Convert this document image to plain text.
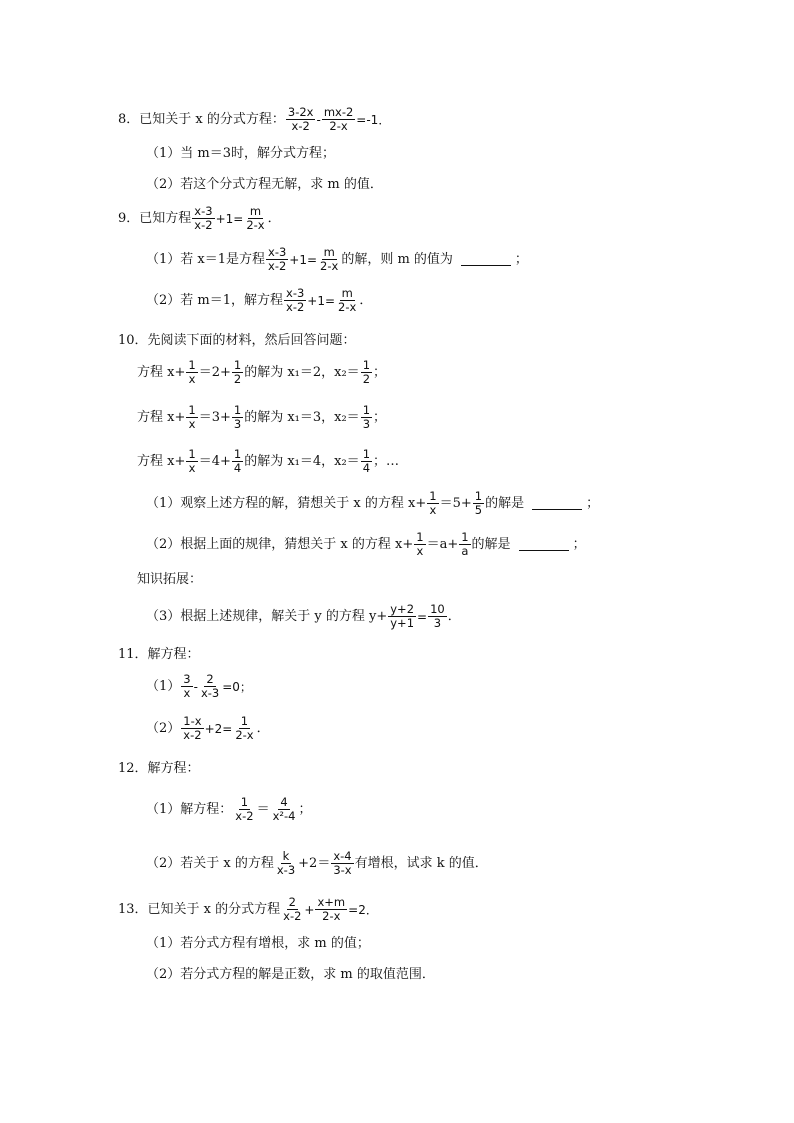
8．已知关于 x 的分式方程： 3-2x
$x-2 - \frac{mx-2}{2-x} =-1$．
（1）当 m＝3时，解分式方程；
（2）若这个分式方程无解，求 m 的值．
9．已知方程 x-3
$x-2 +1= \frac{m}{2-x}$ ．
（1）若 x＝1是方程 x-3
$x-2 +1= \frac{m}{2-x}$ 的解，则 m 的值为	；
（2）若 m＝1，解方程 x-3
$x-2 +1= \frac{m}{2-x}$ ．
10．先阅读下面的材料，然后回答问题：
方程 $x+ \frac{1}{x} =2+ \frac{1}{2}$ 的解为 x₁＝2，x₂＝ 1
2 ；
方程 $x+ \frac{1}{x} =3+ \frac{1}{3}$ 的解为 x₁＝3，x₂＝ 1
3 ；
方程 $x+ \frac{1}{x} =4+ \frac{1}{4}$ 的解为 x₁＝4，x₂＝ 1
4 ；…
（1）观察上述方程的解，猜想关于 x 的方程 $x+ \frac{1}{x} =5+ \frac{1}{5}$ 的解是	；
（2）根据上面的规律，猜想关于 x 的方程 $x+ \frac{1}{x} =a+ \frac{1}{a}$ 的解是	；
知识拓展：
（3）根据上述规律，解关于 y 的方程 $y+ \frac{y+2}{y+1} = \frac{10}{3}$ ．
11．解方程：
（1） 3
$x - \frac{2}{x-3} =0$；
（2） 1-x
$x-2 +2= \frac{1}{2-x}$ ．
12．解方程：
（1）解方程： 1
x-2 ＝ 4
x²-4 ；
（2）若关于 x 的方程 k
x-3 +2＝ x-4
3-x 有增根，试求 k 的值．
13．已知关于 x 的分式方程 2
$x-2 + \frac{x+m}{2-x} =2$．
（1）若分式方程有增根，求 m 的值；
（2）若分式方程的解是正数，求 m 的取值范围．
